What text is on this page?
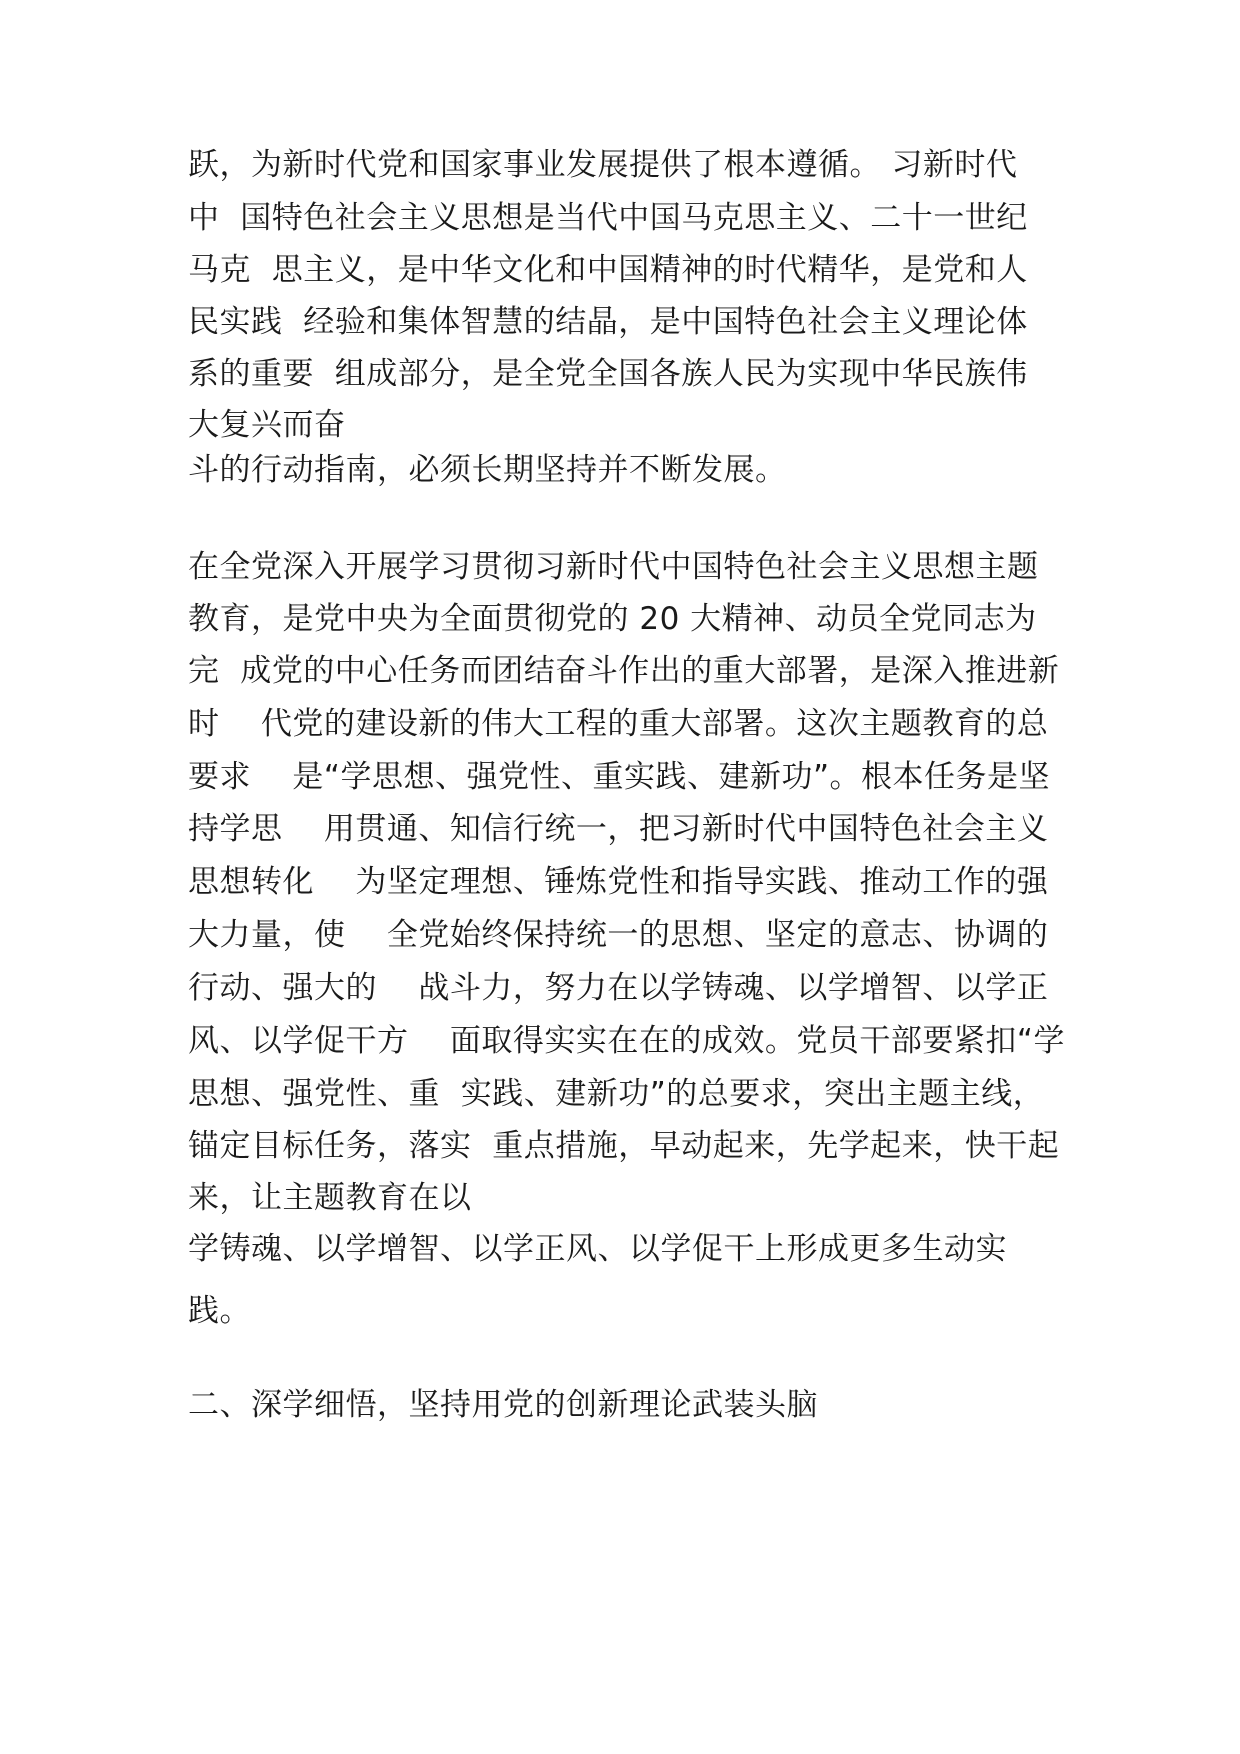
跃，为新时代党和国家事业发展提供了根本遵循。 习新时代
中  国特色社会主义思想是当代中国马克思主义、二十一世纪
马克  思主义，是中华文化和中国精神的时代精华，是党和人
民实践  经验和集体智慧的结晶，是中国特色社会主义理论体
系的重要  组成部分，是全党全国各族人民为实现中华民族伟
大复兴而奋
斗的行动指南，必须长期坚持并不断发展。
在全党深入开展学习贯彻习新时代中国特色社会主义思想主题
教育，是党中央为全面贯彻党的 20 大精神、动员全党同志为
完  成党的中心任务而团结奋斗作出的重大部署，是深入推进新
时    代党的建设新的伟大工程的重大部署。这次主题教育的总
要求    是“学思想、强党性、重实践、建新功”。根本任务是坚
持学思    用贯通、知信行统一，把习新时代中国特色社会主义
思想转化    为坚定理想、锤炼党性和指导实践、推动工作的强
大力量，使    全党始终保持统一的思想、坚定的意志、协调的
行动、强大的    战斗力，努力在以学铸魂、以学增智、以学正
风、以学促干方    面取得实实在在的成效。党员干部要紧扣“学
思想、强党性、重  实践、建新功”的总要求，突出主题主线，
锚定目标任务，落实  重点措施，早动起来，先学起来，快干起
来，让主题教育在以
学铸魂、以学增智、以学正风、以学促干上形成更多生动实
践。
二、深学细悟，坚持用党的创新理论武装头脑
